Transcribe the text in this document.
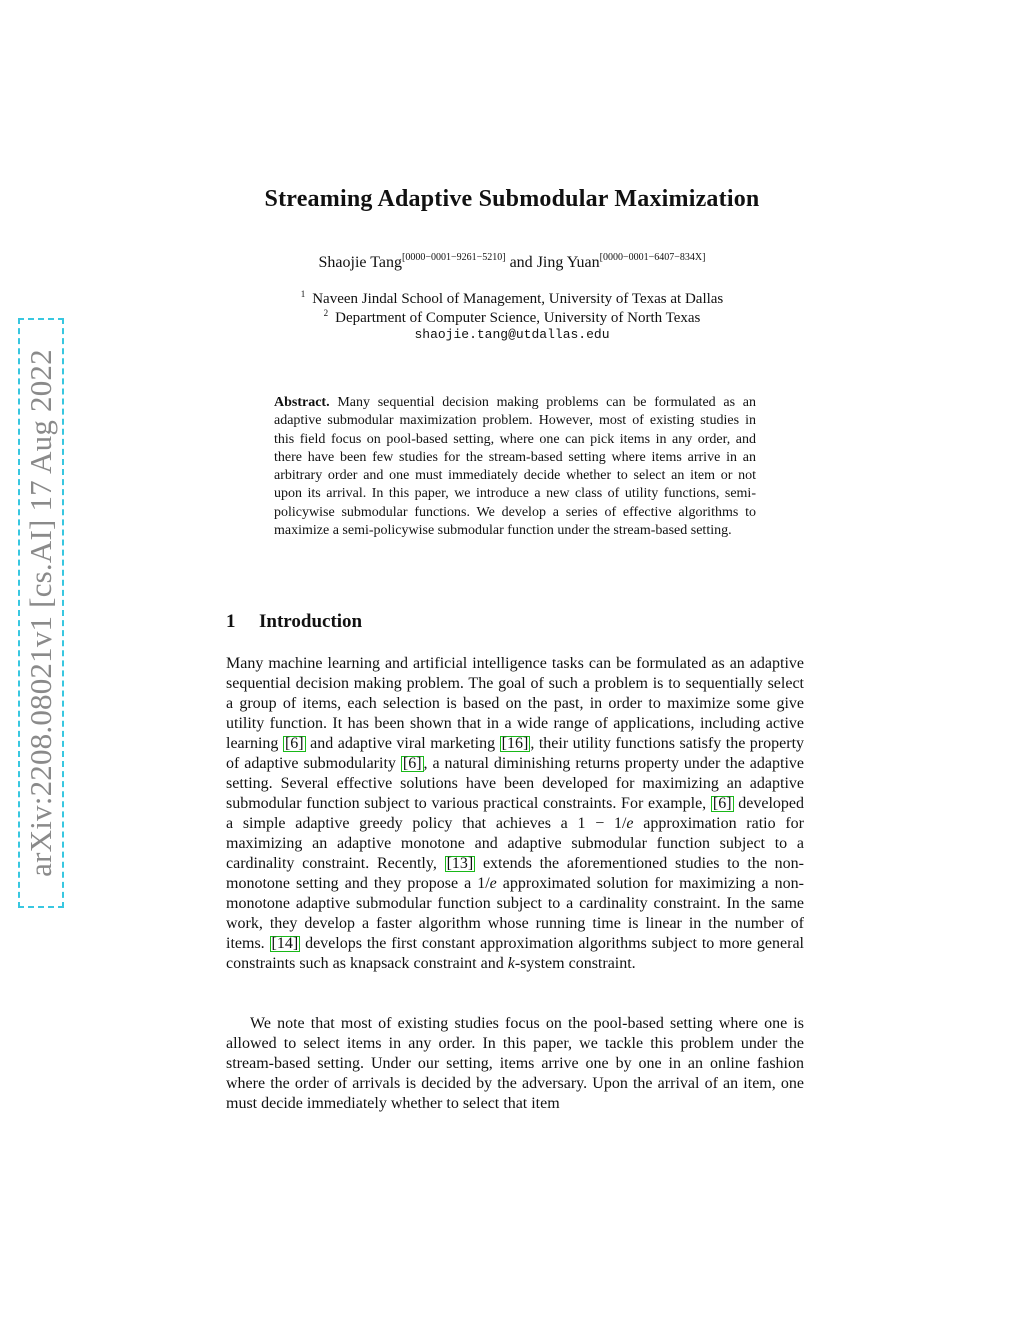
arXiv:2208.08021v1 [cs.AI] 17 Aug 2022
Streaming Adaptive Submodular Maximization
Shaojie Tang[0000−0001−9261−5210] and Jing Yuan[0000−0001−6407−834X]
$^1$ Naveen Jindal School of Management, University of Texas at Dallas
$^2$ Department of Computer Science, University of North Texas
shaojie.tang@utdallas.edu
Abstract. Many sequential decision making problems can be formulated as an adaptive submodular maximization problem. However, most of existing studies in this field focus on pool-based setting, where one can pick items in any order, and there have been few studies for the stream-based setting where items arrive in an arbitrary order and one must immediately decide whether to select an item or not upon its arrival. In this paper, we introduce a new class of utility functions, semi-policywise submodular functions. We develop a series of effective algorithms to maximize a semi-policywise submodular function under the stream-based setting.
1 Introduction
Many machine learning and artificial intelligence tasks can be formulated as an adaptive sequential decision making problem. The goal of such a problem is to sequentially select a group of items, each selection is based on the past, in order to maximize some give utility function. It has been shown that in a wide range of applications, including active learning [6] and adaptive viral marketing [16] , their utility functions satisfy the property of adaptive submodularity [6] , a natural diminishing returns property under the adaptive setting. Several effective solutions have been developed for maximizing an adaptive submodular function subject to various practical constraints. For example, [6] developed a simple adaptive greedy policy that achieves a 1 − 1/e approximation ratio for maximizing an adaptive monotone and adaptive submodular function subject to a cardinality constraint. Recently, [13] extends the aforementioned studies to the non-monotone setting and they propose a 1/e approximated solution for maximizing a non-monotone adaptive submodular function subject to a cardinality constraint. In the same work, they develop a faster algorithm whose running time is linear in the number of items. [14] develops the first constant approximation algorithms subject to more general constraints such as knapsack constraint and k-system constraint.
We note that most of existing studies focus on the pool-based setting where one is allowed to select items in any order. In this paper, we tackle this problem under the stream-based setting. Under our setting, items arrive one by one in an online fashion where the order of arrivals is decided by the adversary. Upon the arrival of an item, one must decide immediately whether to select that item
